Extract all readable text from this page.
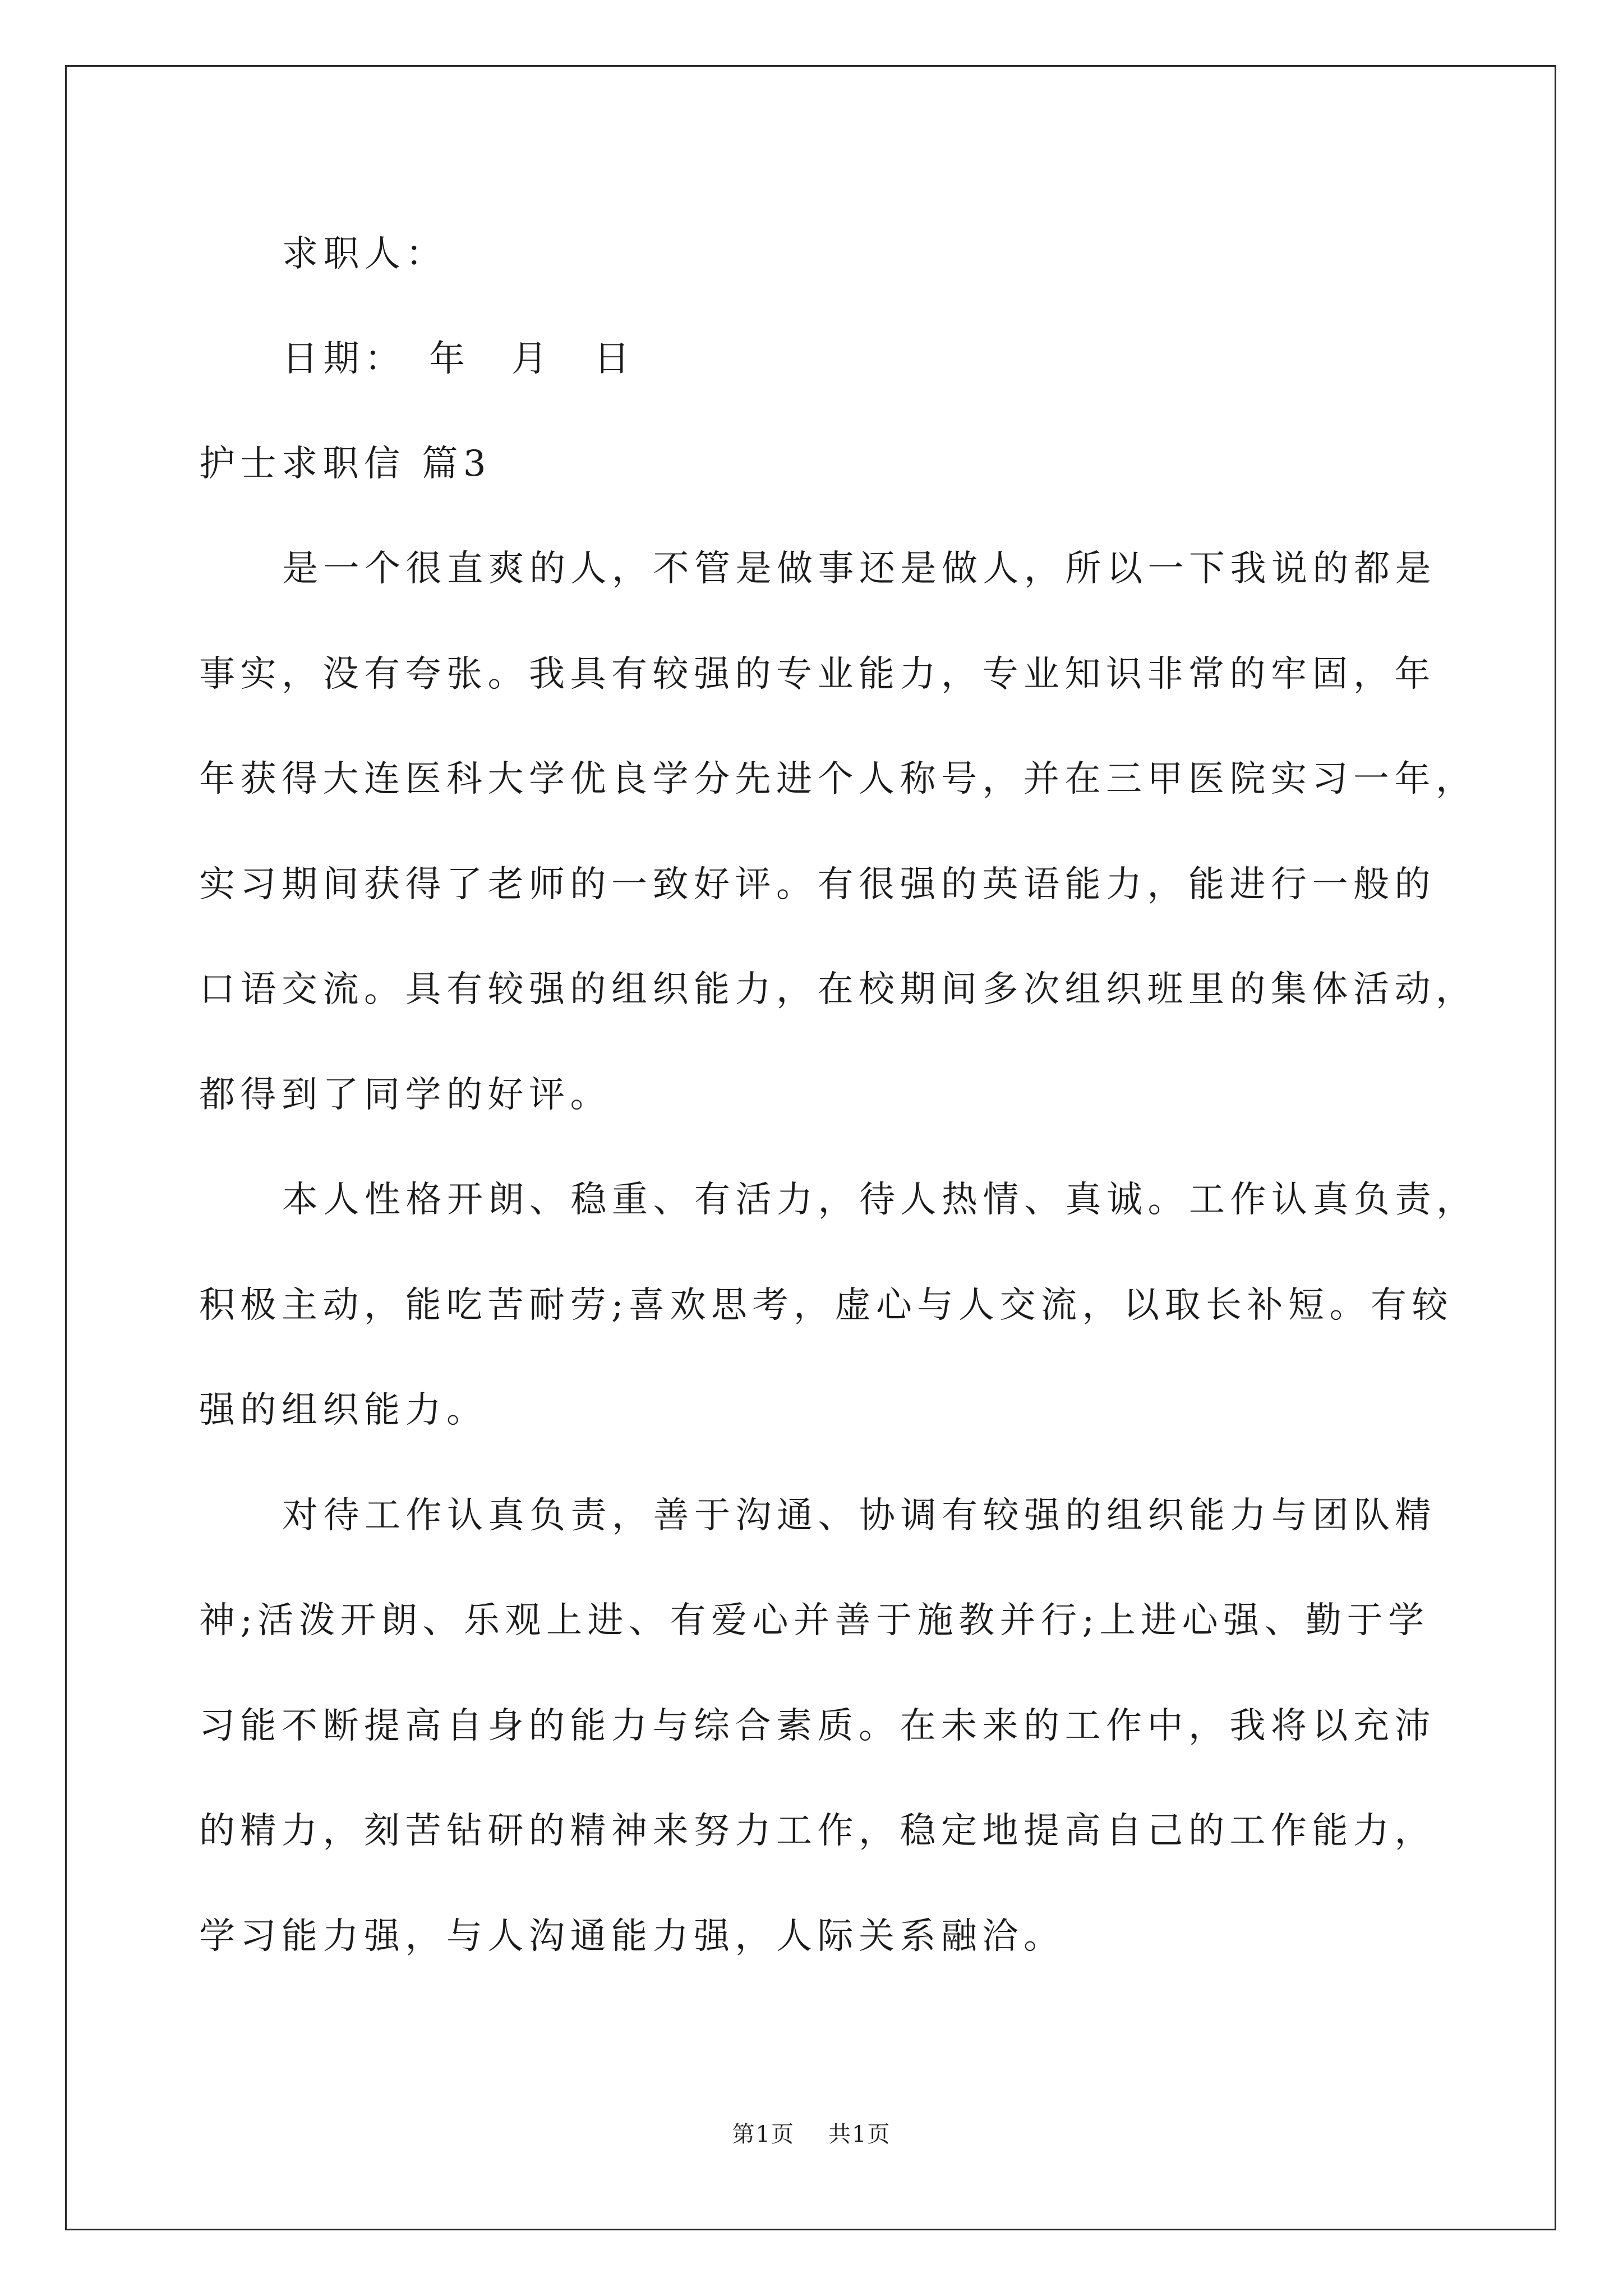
求职人：

日期：　年　月　日

护士求职信 篇3

是一个很直爽的人，不管是做事还是做人，所以一下我说的都是

事实，没有夸张。我具有较强的专业能力，专业知识非常的牢固，年

年获得大连医科大学优良学分先进个人称号，并在三甲医院实习一年，

实习期间获得了老师的一致好评。有很强的英语能力，能进行一般的

口语交流。具有较强的组织能力，在校期间多次组织班里的集体活动，

都得到了同学的好评。

本人性格开朗、稳重、有活力，待人热情、真诚。工作认真负责，

积极主动，能吃苦耐劳;喜欢思考，虚心与人交流，以取长补短。有较

强的组织能力。

对待工作认真负责，善于沟通、协调有较强的组织能力与团队精

神;活泼开朗、乐观上进、有爱心并善于施教并行;上进心强、勤于学

习能不断提高自身的能力与综合素质。在未来的工作中，我将以充沛

的精力，刻苦钻研的精神来努力工作，稳定地提高自己的工作能力，

学习能力强，与人沟通能力强，人际关系融洽。

第1页 共1页
